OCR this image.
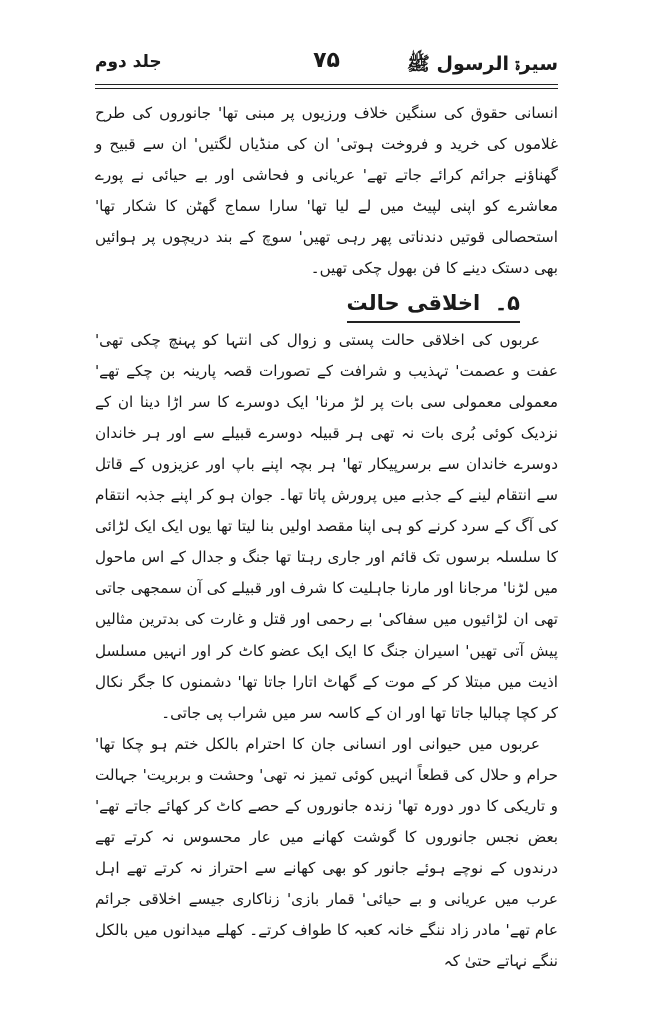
سیرۃ الرسول ﷺ
۷۵
جلد دوم

انسانی حقوق کی سنگین خلاف ورزیوں پر مبنی تھا' جانوروں کی طرح غلاموں کی خرید و فروخت ہوتی' ان کی منڈیاں لگتیں' ان سے قبیح و گھناؤنے جرائم کرائے جاتے تھے' عریانی و فحاشی اور بے حیائی نے پورے معاشرے کو اپنی لپیٹ میں لے لیا تھا' سارا سماج گھٹن کا شکار تھا' استحصالی قوتیں دندناتی پھر رہی تھیں' سوچ کے بند دریچوں پر ہوائیں بھی دستک دینے کا فن بھول چکی تھیں۔

۵۔  اخلاقی حالت

عربوں کی اخلاقی حالت پستی و زوال کی انتہا کو پہنچ چکی تھی' عفت و عصمت' تہذیب و شرافت کے تصورات قصہ پارینہ بن چکے تھے' معمولی معمولی سی بات پر لڑ مرنا' ایک دوسرے کا سر اڑا دینا ان کے نزدیک کوئی بُری بات نہ تھی ہر قبیلہ دوسرے قبیلے سے اور ہر خاندان دوسرے خاندان سے برسرپیکار تھا' ہر بچہ اپنے باپ اور عزیزوں کے قاتل سے انتقام لینے کے جذبے میں پرورش پاتا تھا۔ جوان ہو کر اپنے جذبہ انتقام کی آگ کے سرد کرنے کو ہی اپنا مقصد اولیں بنا لیتا تھا یوں ایک ایک لڑائی کا سلسلہ برسوں تک قائم اور جاری رہتا تھا جنگ و جدال کے اس ماحول میں لڑنا' مرجانا اور مارنا جاہلیت کا شرف اور قبیلے کی آن سمجھی جاتی تھی ان لڑائیوں میں سفاکی' بے رحمی اور قتل و غارت کی بدترین مثالیں پیش آتی تھیں' اسیران جنگ کا ایک ایک عضو کاٹ کر اور انہیں مسلسل اذیت میں مبتلا کر کے موت کے گھاٹ اتارا جاتا تھا' دشمنوں کا جگر نکال کر کچا چبالیا جاتا تھا اور ان کے کاسہ سر میں شراب پی جاتی۔

عربوں میں حیوانی اور انسانی جان کا احترام بالکل ختم ہو چکا تھا' حرام و حلال کی قطعاً انہیں کوئی تمیز نہ تھی' وحشت و بربریت' جہالت و تاریکی کا دور دورہ تھا' زندہ جانوروں کے حصے کاٹ کر کھائے جاتے تھے' بعض نجس جانوروں کا گوشت کھانے میں عار محسوس نہ کرتے تھے درندوں کے نوچے ہوئے جانور کو بھی کھانے سے احتراز نہ کرتے تھے اہل عرب میں عریانی و بے حیائی' قمار بازی' زناکاری جیسے اخلاقی جرائم عام تھے' مادر زاد ننگے خانہ کعبہ کا طواف کرتے۔ کھلے میدانوں میں بالکل ننگے نہاتے حتیٰ کہ
